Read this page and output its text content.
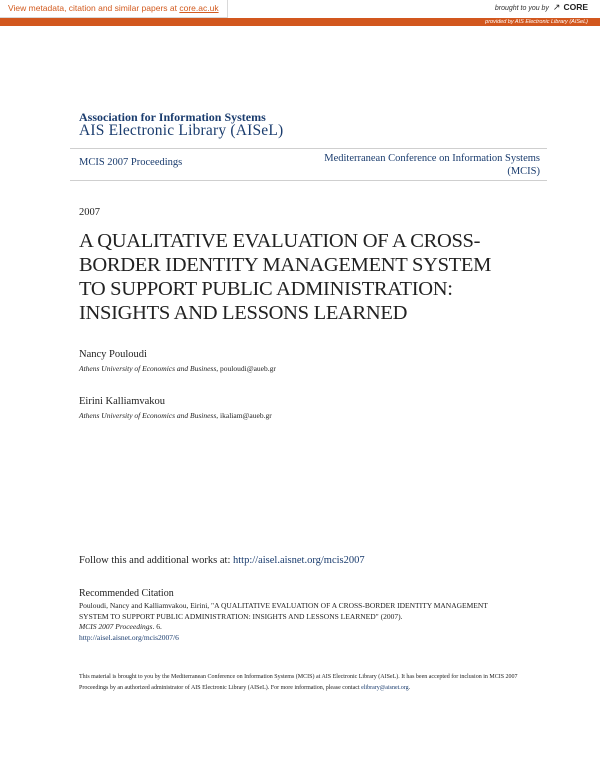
View metadata, citation and similar papers at core.ac.uk	brought to you by ↗ CORE
provided by AIS Electronic Library (AISeL)
Association for Information Systems
AIS Electronic Library (AISeL)
MCIS 2007 Proceedings	Mediterranean Conference on Information Systems (MCIS)
2007
A QUALITATIVE EVALUATION OF A CROSS-BORDER IDENTITY MANAGEMENT SYSTEM TO SUPPORT PUBLIC ADMINISTRATION: INSIGHTS AND LESSONS LEARNED
Nancy Pouloudi
Athens University of Economics and Business, pouloudi@aueb.gr
Eirini Kalliamvakou
Athens University of Economics and Business, ikaliam@aueb.gr
Follow this and additional works at: http://aisel.aisnet.org/mcis2007
Recommended Citation
Pouloudi, Nancy and Kalliamvakou, Eirini, "A QUALITATIVE EVALUATION OF A CROSS-BORDER IDENTITY MANAGEMENT SYSTEM TO SUPPORT PUBLIC ADMINISTRATION: INSIGHTS AND LESSONS LEARNED" (2007).
MCIS 2007 Proceedings. 6.
http://aisel.aisnet.org/mcis2007/6
This material is brought to you by the Mediterranean Conference on Information Systems (MCIS) at AIS Electronic Library (AISeL). It has been accepted for inclusion in MCIS 2007 Proceedings by an authorized administrator of AIS Electronic Library (AISeL). For more information, please contact elibrary@aisnet.org.
